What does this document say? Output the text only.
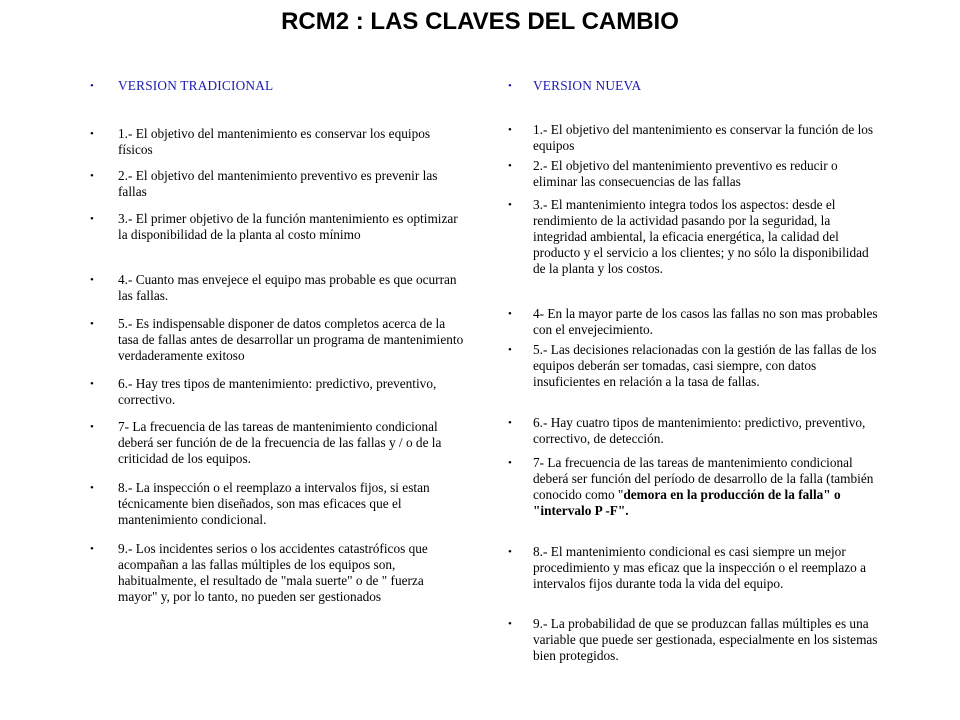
RCM2 : LAS CLAVES DEL CAMBIO
• VERSION TRADICIONAL
• 1.- El objetivo del mantenimiento es conservar los equipos físicos
• 2.- El objetivo del mantenimiento preventivo es prevenir las fallas
• 3.- El primer objetivo de la función mantenimiento es optimizar la disponibilidad de la planta al costo mínimo
• 4.- Cuanto mas envejece el equipo mas probable es que ocurran las fallas.
• 5.- Es indispensable disponer de datos completos acerca de la tasa de fallas antes de desarrollar un programa de mantenimiento verdaderamente exitoso
• 6.- Hay tres tipos de mantenimiento: predictivo, preventivo, correctivo.
• 7- La frecuencia de las tareas de mantenimiento condicional deberá ser función de de la frecuencia de las fallas y / o de la criticidad de los equipos.
• 8.- La inspección o el reemplazo a intervalos fijos, si estan técnicamente bien diseñados, son mas eficaces que el mantenimiento condicional.
• 9.- Los incidentes serios o los accidentes catastróficos que acompañan a las fallas múltiples de los equipos son, habitualmente, el resultado de "mala suerte" o de " fuerza mayor" y, por lo tanto, no pueden ser gestionados
• VERSION NUEVA
• 1.- El objetivo del mantenimiento es conservar la función de los equipos
• 2.- El objetivo del mantenimiento preventivo es reducir o eliminar las consecuencias de las fallas
• 3.- El mantenimiento integra todos los aspectos: desde el rendimiento de la actividad pasando por la seguridad, la integridad ambiental, la eficacia energética, la calidad del producto y el servicio a los clientes; y no sólo la disponibilidad de la planta y los costos.
• 4- En la mayor parte de los casos las fallas no son mas probables con el envejecimiento.
• 5.- Las decisiones relacionadas con la gestión de las fallas de los equipos deberán ser tomadas, casi siempre, con datos insuficientes en relación a la tasa de fallas.
• 6.- Hay cuatro tipos de mantenimiento: predictivo, preventivo, correctivo, de detección.
• 7- La frecuencia de las tareas de mantenimiento condicional deberá ser función del período de desarrollo de la falla (también conocido como "demora en la producción de la falla" o
"intervalo P -F".
• 8.- El mantenimiento condicional es casi siempre un mejor procedimiento y mas eficaz que la inspección o el reemplazo a intervalos fijos durante toda la vida del equipo.
• 9.- La probabilidad de que se produzcan fallas múltiples es una variable que puede ser gestionada, especialmente en los sistemas bien protegidos.
